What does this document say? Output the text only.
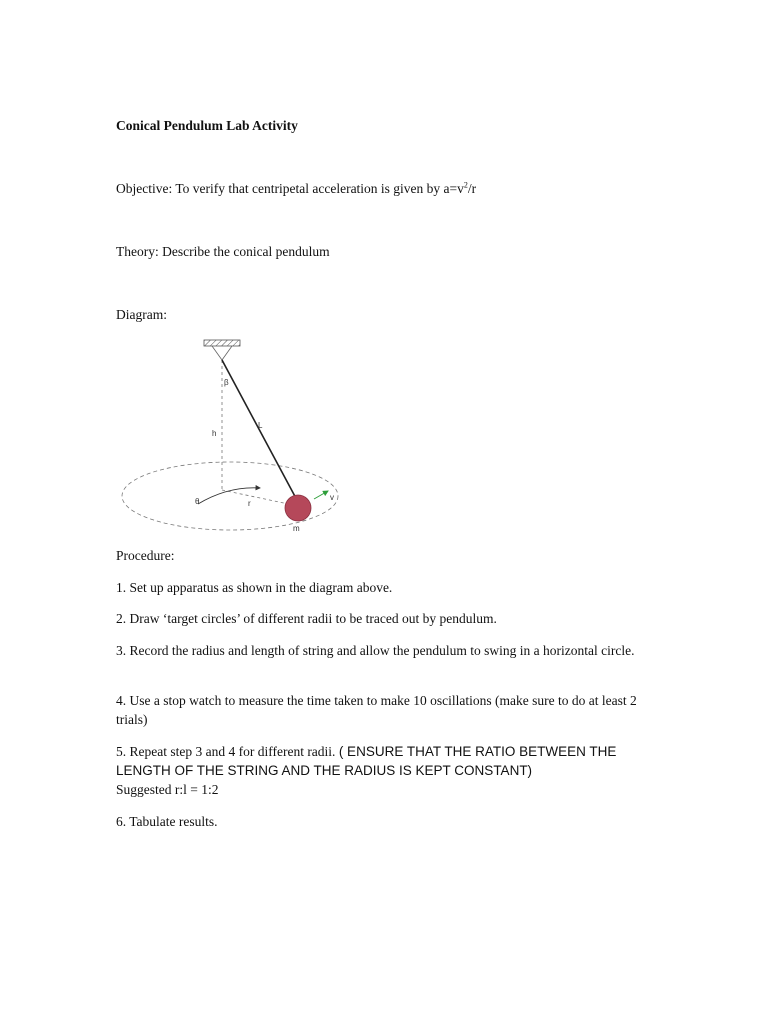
Conical Pendulum Lab Activity
Objective: To verify that centripetal acceleration is given by $a=v^2/r$
Theory: Describe the conical pendulum
Diagram:
β
L
h
θ	r
v
m
Procedure:
1. Set up apparatus as shown in the diagram above.
2. Draw ‘target circles’ of different radii to be traced out by pendulum.
3. Record the radius and length of string and allow the pendulum to swing in a horizontal circle.
4. Use a stop watch to measure the time taken to make 10 oscillations (make sure to do at least 2 trials)
5. Repeat step 3 and 4 for different radii. ( ENSURE THAT THE RATIO BETWEEN THE LENGTH OF THE STRING AND THE RADIUS IS KEPT CONSTANT)
Suggested r:l = 1:2
6. Tabulate results.
